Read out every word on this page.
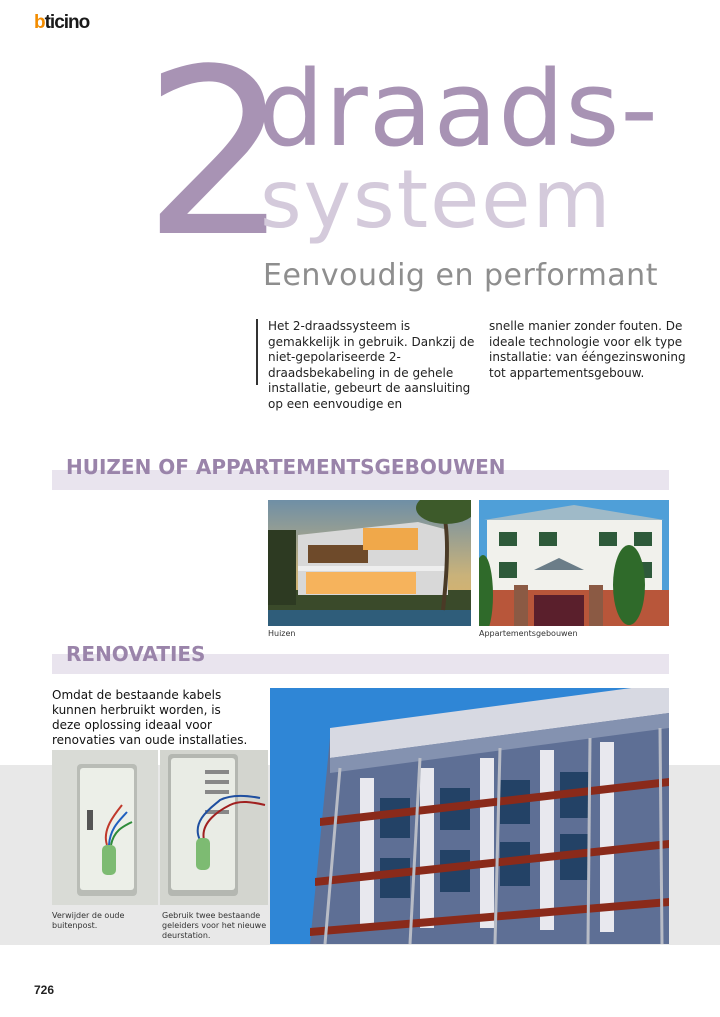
bticino 2
draads-
systeem
Eenvoudig en performant
Het 2-draadssysteem is gemakkelijk in gebruik. Dankzij de niet-gepolariseerde 2-draadsbekabeling in de gehele installatie, gebeurt de aansluiting op een eenvoudige en
snelle manier zonder fouten. De ideale technologie voor elk type installatie: van ééngezinswoning tot appartementsgebouw.
HUIZEN OF APPARTEMENTSGEBOUWEN
Huizen	Appartementsgebouwen
RENOVATIES
Omdat de bestaande kabels kunnen herbruikt worden, is deze oplossing ideaal voor renovaties van oude installaties.
Verwijder de oude buitenpost.
Gebruik twee bestaande geleiders voor het nieuwe deurstation.
726
